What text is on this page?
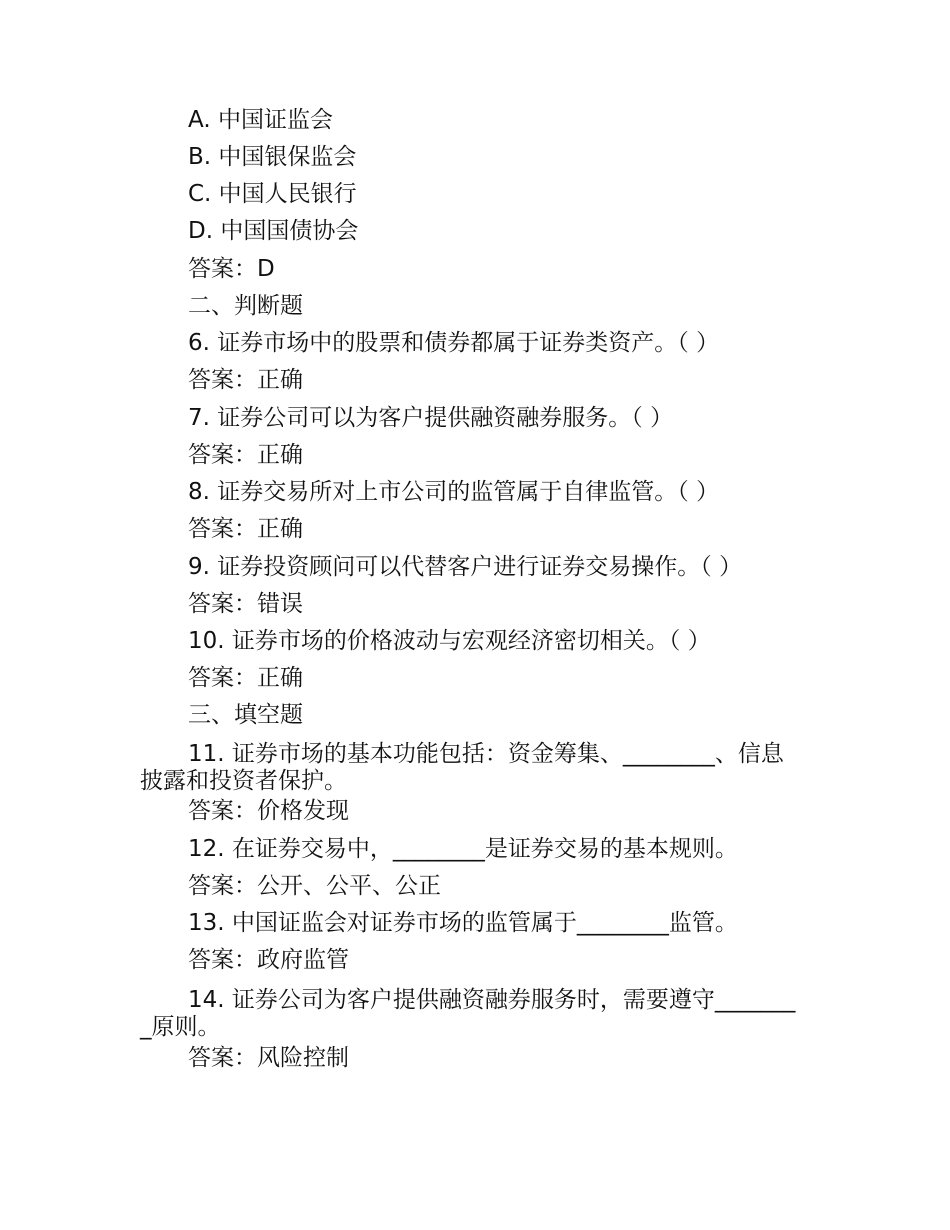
A. 中国证监会
B. 中国银保监会
C. 中国人民银行
D. 中国国债协会
答案：D
二、判断题
6. 证券市场中的股票和债券都属于证券类资产。（ ）
答案：正确
7. 证券公司可以为客户提供融资融券服务。（ ）
答案：正确
8. 证券交易所对上市公司的监管属于自律监管。（ ）
答案：正确
9. 证券投资顾问可以代替客户进行证券交易操作。（ ）
答案：错误
10. 证券市场的价格波动与宏观经济密切相关。（ ）
答案：正确
三、填空题
11. 证券市场的基本功能包括：资金筹集、________、信息披露和投资者保护。
答案：价格发现
12. 在证券交易中，________是证券交易的基本规则。
答案：公开、公平、公正
13. 中国证监会对证券市场的监管属于________监管。
答案：政府监管
14. 证券公司为客户提供融资融券服务时，需要遵守________原则。
答案：风险控制
